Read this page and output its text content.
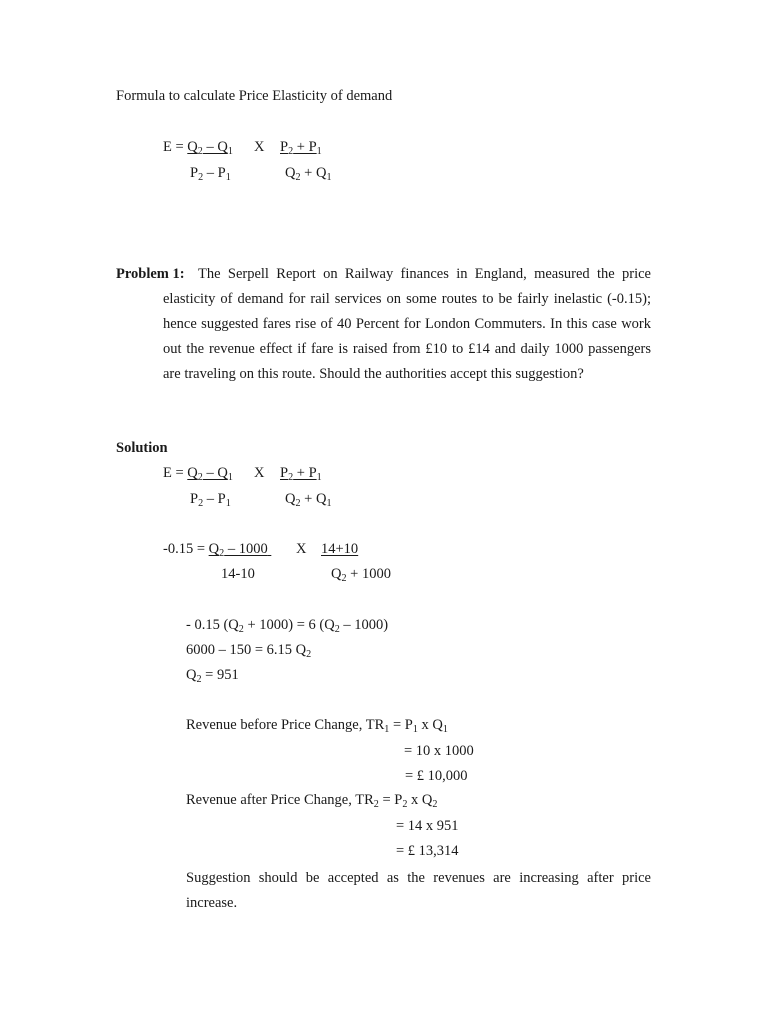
Formula to calculate Price Elasticity of demand
$E = Q_2 - Q_1$ X $P_2 + P_1$
$P_2 - P_1$	$Q_2 + Q_1$
Problem 1: The Serpell Report on Railway finances in England, measured the price elasticity of demand for rail services on some routes to be fairly inelastic (-0.15); hence suggested fares rise of 40 Percent for London Commuters. In this case work out the revenue effect if fare is raised from £10 to £14 and daily 1000 passengers are traveling on this route. Should the authorities accept this suggestion?
Solution
$E = Q_2 - Q_1$ X $P_2 + P_1$
$P_2 - P_1$	$Q_2 + Q_1$
$-0.15 = Q_2 - 1000$ X 14+10
14-10	$Q_2 + 1000$
- 0.15 $(Q_2 + 1000) = 6$ $(Q_2 - 1000)$
6000 – 150 = 6.15 $Q_2$
$Q_2 = 951$
Revenue before Price Change, $TR_1 = P_1$ x $Q_1$
= 10 x 1000
= £ 10,000
Revenue after Price Change, $TR_2 = P_2$ x $Q_2$
= 14 x 951
= £ 13,314
Suggestion should be accepted as the revenues are increasing after price increase.
